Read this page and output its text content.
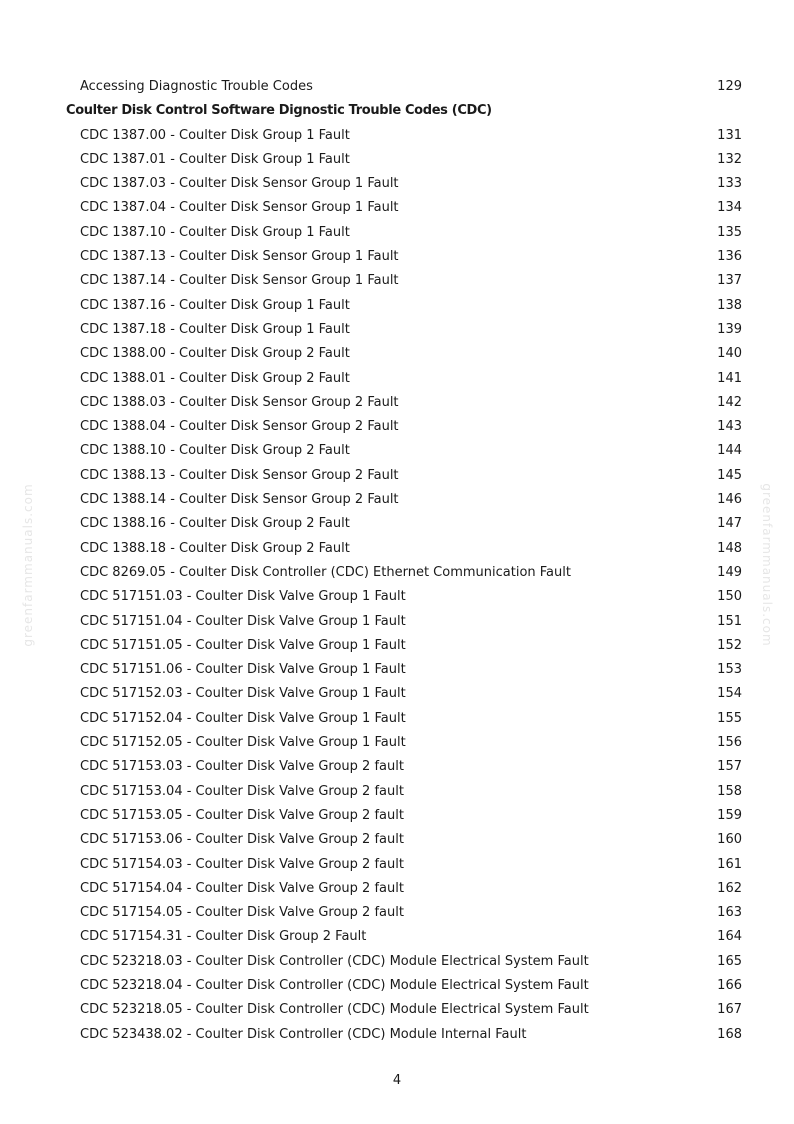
Accessing Diagnostic Trouble Codes	129
Coulter Disk Control Software Dignostic Trouble Codes (CDC)
CDC 1387.00 - Coulter Disk Group 1 Fault	131
CDC 1387.01 - Coulter Disk Group 1 Fault	132
CDC 1387.03 - Coulter Disk Sensor Group 1 Fault	133
CDC 1387.04 - Coulter Disk Sensor Group 1 Fault	134
CDC 1387.10 - Coulter Disk Group 1 Fault	135
CDC 1387.13 - Coulter Disk Sensor Group 1 Fault	136
CDC 1387.14 - Coulter Disk Sensor Group 1 Fault	137
CDC 1387.16 - Coulter Disk Group 1 Fault	138
CDC 1387.18 - Coulter Disk Group 1 Fault	139
CDC 1388.00 - Coulter Disk Group 2 Fault	140
CDC 1388.01 - Coulter Disk Group 2 Fault	141
CDC 1388.03 - Coulter Disk Sensor Group 2 Fault	142
CDC 1388.04 - Coulter Disk Sensor Group 2 Fault	143
CDC 1388.10 - Coulter Disk Group 2 Fault	144
CDC 1388.13 - Coulter Disk Sensor Group 2 Fault	145
CDC 1388.14 - Coulter Disk Sensor Group 2 Fault	146
CDC 1388.16 - Coulter Disk Group 2 Fault	147
CDC 1388.18 - Coulter Disk Group 2 Fault	148
CDC 8269.05 - Coulter Disk Controller (CDC) Ethernet Communication Fault	149
CDC 517151.03 - Coulter Disk Valve Group 1 Fault	150
CDC 517151.04 - Coulter Disk Valve Group 1 Fault	151
CDC 517151.05 - Coulter Disk Valve Group 1 Fault	152
CDC 517151.06 - Coulter Disk Valve Group 1 Fault	153
CDC 517152.03 - Coulter Disk Valve Group 1 Fault	154
CDC 517152.04 - Coulter Disk Valve Group 1 Fault	155
CDC 517152.05 - Coulter Disk Valve Group 1 Fault	156
CDC 517153.03 - Coulter Disk Valve Group 2 fault	157
CDC 517153.04 - Coulter Disk Valve Group 2 fault	158
CDC 517153.05 - Coulter Disk Valve Group 2 fault	159
CDC 517153.06 - Coulter Disk Valve Group 2 fault	160
CDC 517154.03 - Coulter Disk Valve Group 2 fault	161
CDC 517154.04 - Coulter Disk Valve Group 2 fault	162
CDC 517154.05 - Coulter Disk Valve Group 2 fault	163
CDC 517154.31 - Coulter Disk Group 2 Fault	164
CDC 523218.03 - Coulter Disk Controller (CDC) Module Electrical System Fault	165
CDC 523218.04 - Coulter Disk Controller (CDC) Module Electrical System Fault	166
CDC 523218.05 - Coulter Disk Controller (CDC) Module Electrical System Fault	167
CDC 523438.02 - Coulter Disk Controller (CDC) Module Internal Fault	168
greenfarmmanuals.com	greenfarmmanuals.com
4
